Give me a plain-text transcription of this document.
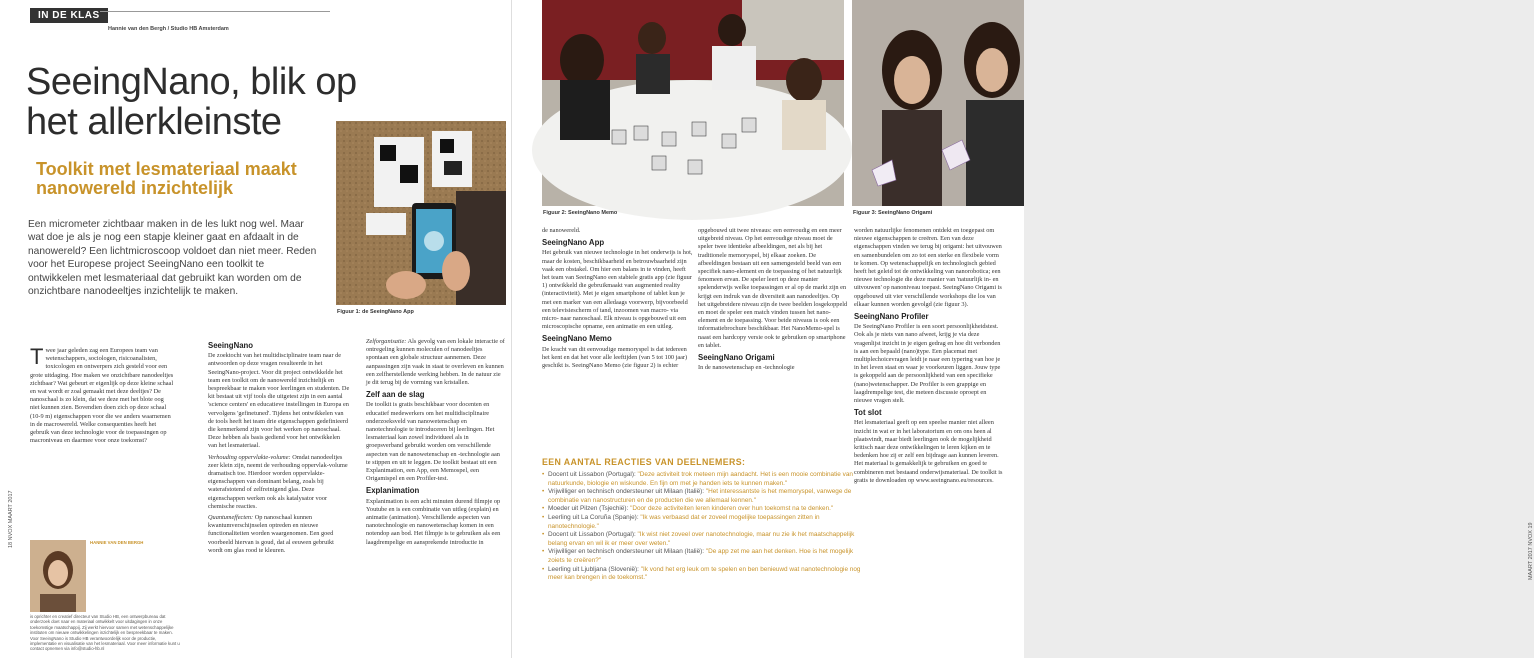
IN DE KLAS
Hannie van den Bergh / Studio HB Amsterdam
SeeingNano, blik op het allerkleinste
Toolkit met lesmateriaal maakt nanowereld inzichtelijk

Een micrometer zichtbaar maken in de les lukt nog wel. Maar wat doe je als je nog een stapje kleiner gaat en afdaalt in de nanowereld? Een lichtmicroscoop voldoet dan niet meer. Reden voor het Europese project SeeingNano een toolkit te ontwikkelen met lesmateriaal dat gebruikt kan worden om de onzichtbare nanodeeltjes inzichtelijk te maken.

Figuur 1: de SeeingNano App

T wee jaar geleden zag een Europees team van wetenschappers, sociologen, risicoanalisten, toxicologen en ontwerpers zich gesteld voor een grote uitdaging. Hoe maken we onzichtbare nanodeeltjes zichtbaar? Wat gebeurt er eigenlijk op deze kleine schaal en wat wordt er zoal gemaakt met deze deeltjes? De nanoschaal is zo klein, dat we deze met het blote oog niet kunnen zien. Bovendien doen zich op deze schaal (10-9 m) eigenschappen voor die we anders waarnemen in de macrowereld. Welke consequenties heeft het gebruik van deze technologie voor de toepassingen op macroniveau en daarmee voor onze toekomst?

SeeingNano

De zoektocht van het multidisciplinaire team naar de antwoorden op deze vragen resulteerde in het SeeingNano-project. Voor dit project ontwikkelde het team een toolkit om de nanowereld inzichtelijk en bespreekbaar te maken voor leerlingen en studenten. De kit bestaat uit vijf tools die uitgetest zijn in een aantal 'science centers' en educatieve instellingen in Europa en vervolgens 'gefinetuned'. Tijdens het ontwikkelen van de tools heeft het team drie eigenschappen gedefinieerd die kenmerkend zijn voor het werken op nanoschaal. Deze hebben als basis gediend voor het ontwikkelen van het lesmateriaal.

Verhouding oppervlakte-volume: Omdat nanodeeltjes zeer klein zijn, neemt de verhouding oppervlak-volume dramatisch toe. Hierdoor worden oppervlakte-eigenschappen van dominant belang, zoals bij waterafstotend of zelfreinigend glas. Deze eigenschappen werken ook als katalysator voor chemische reacties.

Quantumeffecten: Op nanoschaal kunnen kwantumverschijnselen optreden en nieuwe functionaliteiten worden waargenomen. Een goed voorbeeld hiervan is goud, dat al eeuwen gebruikt wordt om glas rood te kleuren.

Zelforganisatie: Als gevolg van een lokale interactie of ontregeling kunnen moleculen of nanodeeltjes spontaan een globale structuur aannemen. Deze aanpassingen zijn vaak in staat te overleven en kunnen een zelfherstellende werking hebben. In de natuur zie je dit terug bij de vorming van kristallen.

Zelf aan de slag

De toolkit is gratis beschikbaar voor docenten en educatief medewerkers om het multidisciplinaire onderzoeksveld van nanowetenschap en nanotechnologie te introduceren bij leerlingen. Het lesmateriaal kan zowel individueel als in groepsverband gebruikt worden om verschillende aspecten van de nanowetenschap en -technologie aan te stippen en uit te leggen. De toolkit bestaat uit een Explanimation, een App, een Memospel, een Origamispel en een Profiler-test.

Explanimation

Explanimation is een acht minuten durend filmpje op Youtube en is een combinatie van uitleg (explain) en animatie (animation). Verschillende aspecten van nanotechnologie en nanowetenschap komen in een notendop aan bod. Het filmpje is te gebruiken als een laagdrempelige en aansprekende introductie in

HANNIE VAN DEN BERGH
is oprichter en creatief directeur van Studio HB, een ontwerpbureau dat onderzoek doet naar en materiaal ontwikkelt voor uitdagingen in onze toekomstige maatschappij. Zij werkt hiervoor samen met wetenschappelijke instituten om nieuwe ontwikkelingen inzichtelijk en bespreekbaar te maken. Voor SeeingNano is Studio HB verantwoordelijk voor de productie, implementatie en visualisatie van het lesmateriaal. Voor meer informatie kunt u contact opnemen via info@studio-hb.nl
18 NVOX MAART 2017
Figuur 2: SeeingNano Memo	Figuur 3: SeeingNano Origami

de nanowereld.

SeeingNano App

Het gebruik van nieuwe technologie in het onderwijs is hot, maar de kosten, beschikbaarheid en betrouwbaarheid zijn vaak een obstakel. Om hier een balans in te vinden, heeft het team van SeeingNano een stabiele gratis app (zie figuur 1) ontwikkeld die gebruikmaakt van augmented reality (interactiviteit). Met je eigen smartphone of tablet kun je met een marker van een alledaags voorwerp, bijvoorbeeld een televisiescherm of tand, inzoomen van macro- via micro- naar nanoschaal. Elk niveau is opgebouwd uit een microscopische opname, een animatie en een uitleg.

SeeingNano Memo

De kracht van dit eenvoudige memoryspel is dat iedereen het kent en dat het voor alle leeftijden (van 5 tot 100 jaar) geschikt is. SeeingNano Memo (zie figuur 2) is echter

opgebouwd uit twee niveaus: een eenvoudig en een meer uitgebreid niveau. Op het eenvoudige niveau moet de speler twee identieke afbeeldingen, net als bij het traditionele memoryspel, bij elkaar zoeken. De afbeeldingen bestaan uit een samengesteld beeld van een specifiek nano-element en de toepassing of het natuurlijk fenomeen ervan. De speler leert op deze manier spelenderwijs welke toepassingen er al op de markt zijn en krijgt een indruk van de diversiteit aan nanodeeltjes. Op het uitgebreidere niveau zijn de twee beelden losgekoppeld en moet de speler een match vinden tussen het nano-element en de toepassing. Voor beide niveaus is ook een informatiebrochure beschikbaar. Het NanoMemo-spel is naast een hardcopy versie ook te gebruiken op smartphone en tablet.

SeeingNano Origami

In de nanowetenschap en -technologie

worden natuurlijke fenomenen ontdekt en toegepast om nieuwe eigenschappen te creëren. Een van deze eigenschappen vinden we terug bij origami: het uitvouwen en samenbundelen om zo tot een sterke en flexibele vorm te komen. Op wetenschappelijk en technologisch gebied heeft het geleid tot de ontwikkeling van nanorobotica; een nieuwe technologie die deze manier van 'natuurlijk in- en uitvouwen' op nanoniveau toepast. SeeingNano Origami is opgebouwd uit vier verschillende workshops die los van elkaar kunnen worden gevolgd (zie figuur 3).

SeeingNano Profiler

De SeeingNano Profiler is een soort persoonlijkheidstest. Ook als je niets van nano afweet, krijg je via deze vragenlijst inzicht in je eigen gedrag en hoe dit verbonden is aan een bepaald (nano)type. Een placemat met multiplechoicevragen leidt je naar een typering van hoe je in het leven staat en waar je voorkeuren liggen. Jouw type is gekoppeld aan de persoonlijkheid van een specifieke (nano)wetenschapper. De Profiler is een grappige en laagdrempelige test, die meteen discussie oproept en nieuwe vragen stelt.

Tot slot

Het lesmateriaal geeft op een speelse manier niet alleen inzicht in wat er in het laboratorium en om ons heen al plaatsvindt, maar biedt leerlingen ook de mogelijkheid kritisch naar deze ontwikkelingen te leren kijken en te bedenken hoe zij er zelf een bijdrage aan kunnen leveren. Het materiaal is gemakkelijk te gebruiken en goed te combineren met bestaand onderwijsmateriaal. De toolkit is gratis te downloaden op www.seeingnano.eu/resources.

EEN AANTAL REACTIES VAN DEELNEMERS:
• Docent uit Lissabon (Portugal): "Deze activiteit trok meteen mijn aandacht. Het is een mooie combinatie van natuurkunde, biologie en wiskunde. En fijn om met je handen iets te kunnen maken."
• Vrijwilliger en technisch ondersteuner uit Milaan (Italië): "Het interessantste is het memoryspel, vanwege de combinatie van nanostructuren en de producten die we allemaal kennen."
• Moeder uit Pilzen (Tsjechië): "Door deze activiteiten leren kinderen over hun toekomst na te denken."
• Leerling uit La Coruña (Spanje): "Ik was verbaasd dat er zoveel mogelijke toepassingen zitten in nanotechnologie."
• Docent uit Lissabon (Portugal): "Ik wist niet zoveel over nanotechnologie, maar nu zie ik het maatschappelijk belang ervan en wil ik er meer over weten."
• Vrijwilliger en technisch ondersteuner uit Milaan (Italië): "De app zet me aan het denken. Hoe is het mogelijk zoiets te creëren?"
• Leerling uit Ljubljana (Slovenië): "Ik vond het erg leuk om te spelen en ben benieuwd wat nanotechnologie nog meer kan brengen in de toekomst."	MAART 2017 NVOX 19
